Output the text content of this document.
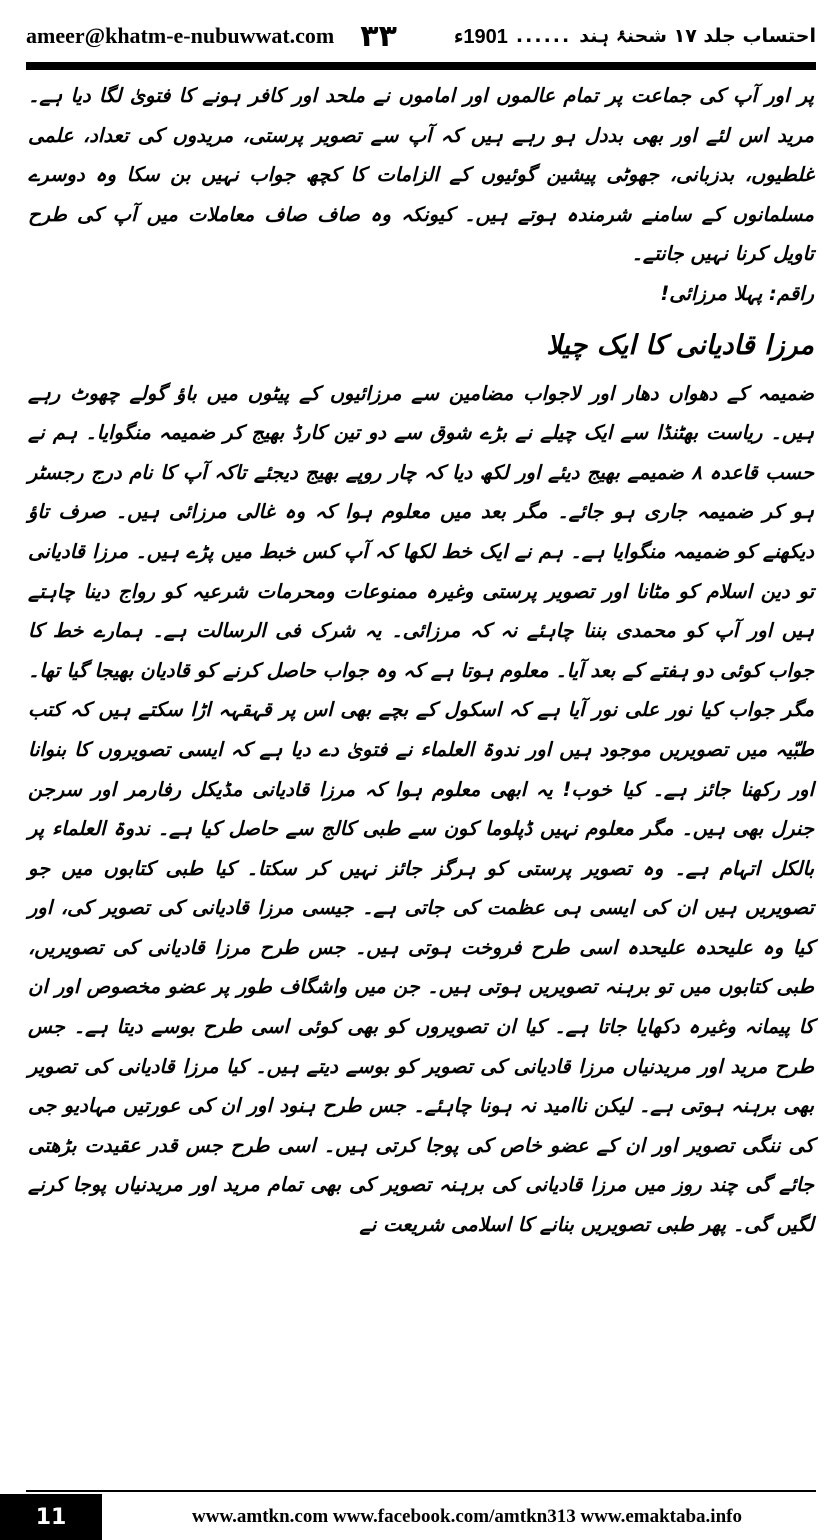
ameer@khatm-e-nubuwwat.com ۳۳	احتساب جلد ۱۷ شحنۂ ہند
......
1901ء

پر اور آپ کی جماعت پر تمام عالموں اور اماموں نے ملحد اور کافر ہونے کا فتویٰ لگا دیا ہے۔ مرید اس لئے اور بھی بددل ہو رہے ہیں کہ آپ سے تصویر پرستی، مریدوں کی تعداد، علمی غلطیوں، بدزبانی، جھوٹی پیشین گوئیوں کے الزامات کا کچھ جواب نہیں بن سکا وہ دوسرے مسلمانوں کے سامنے شرمندہ ہوتے ہیں۔ کیونکہ وہ صاف صاف معاملات میں آپ کی طرح تاویل کرنا نہیں جانتے۔

راقم: پہلا مرزائی!

مرزا قادیانی کا ایک چیلا

ضمیمہ کے دھواں دھار اور لاجواب مضامین سے مرزائیوں کے پیٹوں میں باؤ گولے چھوٹ رہے ہیں۔ ریاست بھٹنڈا سے ایک چیلے نے بڑے شوق سے دو تین کارڈ بھیج کر ضمیمہ منگوایا۔ ہم نے حسب قاعدہ ۸ ضمیمے بھیج دیئے اور لکھ دیا کہ چار روپے بھیج دیجئے تاکہ آپ کا نام درج رجسٹر ہو کر ضمیمہ جاری ہو جائے۔ مگر بعد میں معلوم ہوا کہ وہ غالی مرزائی ہیں۔ صرف تاؤ دیکھنے کو ضمیمہ منگوایا ہے۔ ہم نے ایک خط لکھا کہ آپ کس خبط میں پڑے ہیں۔ مرزا قادیانی تو دین اسلام کو مٹانا اور تصویر پرستی وغیرہ ممنوعات ومحرمات شرعیہ کو رواج دینا چاہتے ہیں اور آپ کو محمدی بننا چاہئے نہ کہ مرزائی۔ یہ شرک فی الرسالت ہے۔ ہمارے خط کا جواب کوئی دو ہفتے کے بعد آیا۔ معلوم ہوتا ہے کہ وہ جواب حاصل کرنے کو قادیان بھیجا گیا تھا۔ مگر جواب کیا نور علی نور آیا ہے کہ اسکول کے بچے بھی اس پر قہقہہ اڑا سکتے ہیں کہ کتب طبّیہ میں تصویریں موجود ہیں اور ندوۃ العلماء نے فتویٰ دے دیا ہے کہ ایسی تصویروں کا بنوانا اور رکھنا جائز ہے۔ کیا خوب! یہ ابھی معلوم ہوا کہ مرزا قادیانی مڈیکل رفارمر اور سرجن جنرل بھی ہیں۔ مگر معلوم نہیں ڈپلوما کون سے طبی کالج سے حاصل کیا ہے۔ ندوۃ العلماء پر بالکل اتہام ہے۔ وہ تصویر پرستی کو ہرگز جائز نہیں کر سکتا۔ کیا طبی کتابوں میں جو تصویریں ہیں ان کی ایسی ہی عظمت کی جاتی ہے۔ جیسی مرزا قادیانی کی تصویر کی، اور کیا وہ علیحدہ علیحدہ اسی طرح فروخت ہوتی ہیں۔ جس طرح مرزا قادیانی کی تصویریں، طبی کتابوں میں تو برہنہ تصویریں ہوتی ہیں۔ جن میں واشگاف طور پر عضو مخصوص اور ان کا پیمانہ وغیرہ دکھایا جاتا ہے۔ کیا ان تصویروں کو بھی کوئی اسی طرح بوسے دیتا ہے۔ جس طرح مرید اور مریدنیاں مرزا قادیانی کی تصویر کو بوسے دیتے ہیں۔ کیا مرزا قادیانی کی تصویر بھی برہنہ ہوتی ہے۔ لیکن ناامید نہ ہونا چاہئے۔ جس طرح ہنود اور ان کی عورتیں مہادیو جی کی ننگی تصویر اور ان کے عضو خاص کی پوجا کرتی ہیں۔ اسی طرح جس قدر عقیدت بڑھتی جائے گی چند روز میں مرزا قادیانی کی برہنہ تصویر کی بھی تمام مرید اور مریدنیاں پوجا کرنے لگیں گی۔ پھر طبی تصویریں بنانے کا اسلامی شریعت نے

11	www.amtkn.com www.facebook.com/amtkn313 www.emaktaba.info
